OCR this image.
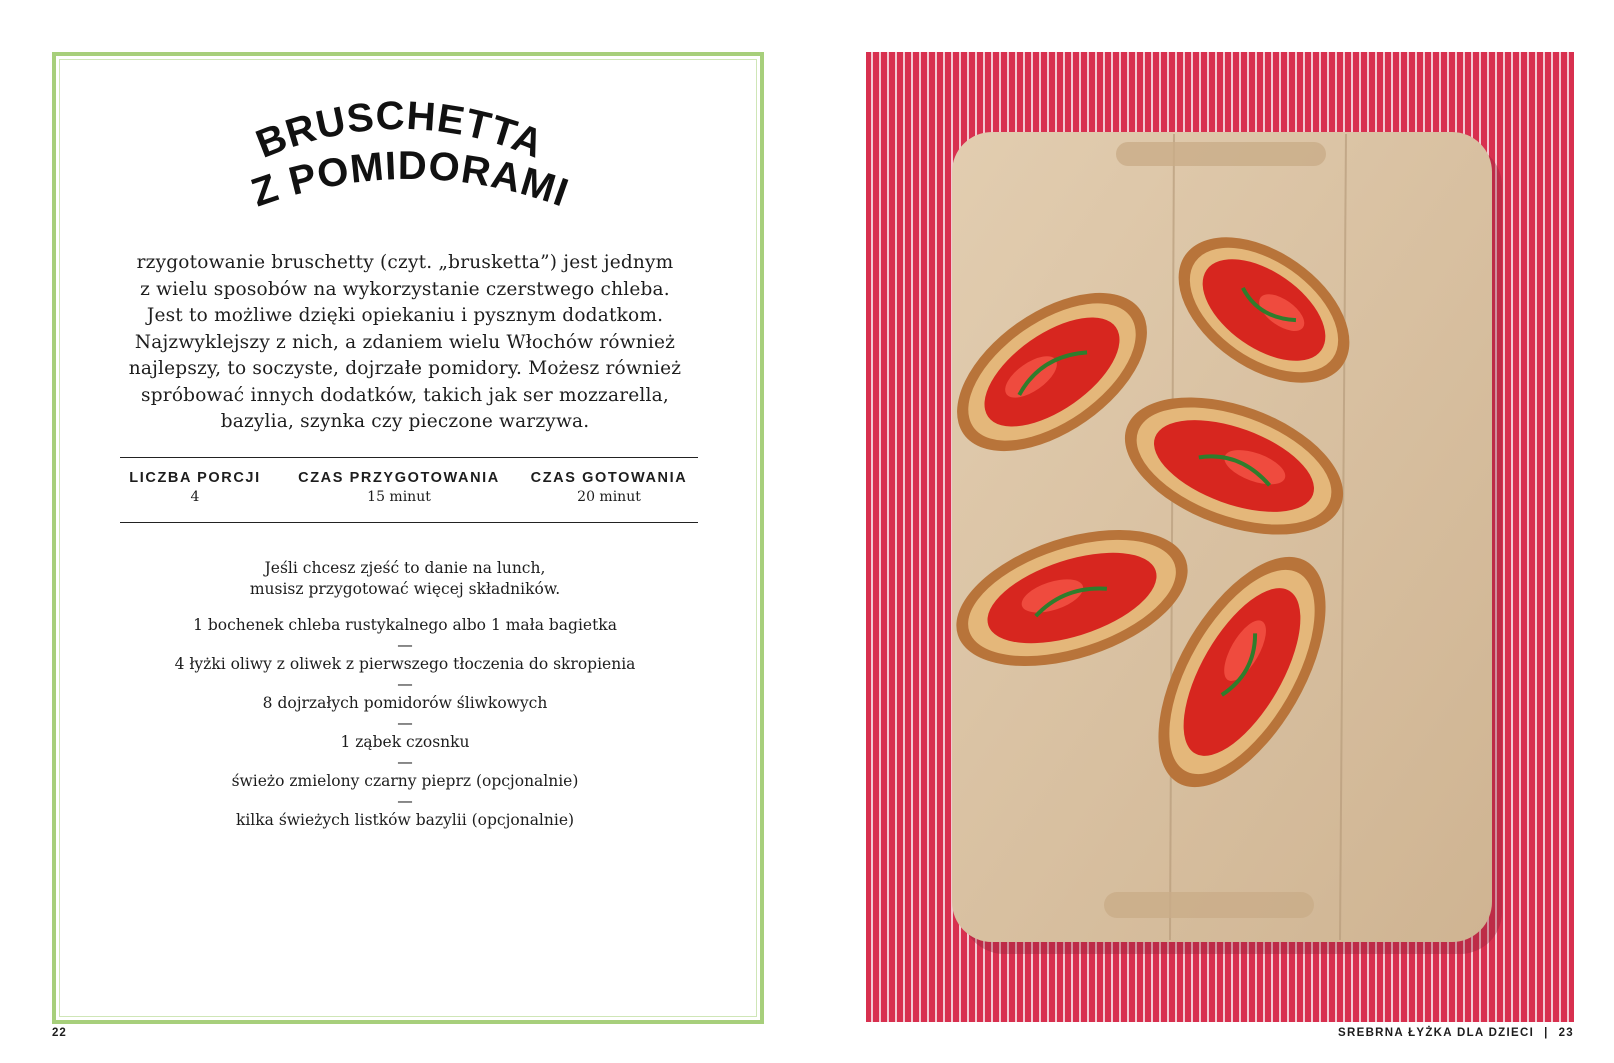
BRUSCHETTA
Z POMIDORAMI
rzygotowanie bruschetty (czyt. „brusketta”) jest jednym
z wielu sposobów na wykorzystanie czerstwego chleba.
Jest to możliwe dzięki opiekaniu i pysznym dodatkom.
Najzwyklejszy z nich, a zdaniem wielu Włochów również
najlepszy, to soczyste, dojrzałe pomidory. Możesz również
spróbować innych dodatków, takich jak ser mozzarella,
bazylia, szynka czy pieczone warzywa.
LICZBA PORCJI
4
CZAS PRZYGOTOWANIA
15 minut
CZAS GOTOWANIA
20 minut
Jeśli chcesz zjeść to danie na lunch,
musisz przygotować więcej składników.
1 bochenek chleba rustykalnego albo 1 mała bagietka
—
4 łyżki oliwy z oliwek z pierwszego tłoczenia do skropienia
—
8 dojrzałych pomidorów śliwkowych
—
1 ząbek czosnku
—
świeżo zmielony czarny pieprz (opcjonalnie)
—
kilka świeżych listków bazylii (opcjonalnie)
22	SREBRNA ŁYŻKA DLA DZIECI | 23
